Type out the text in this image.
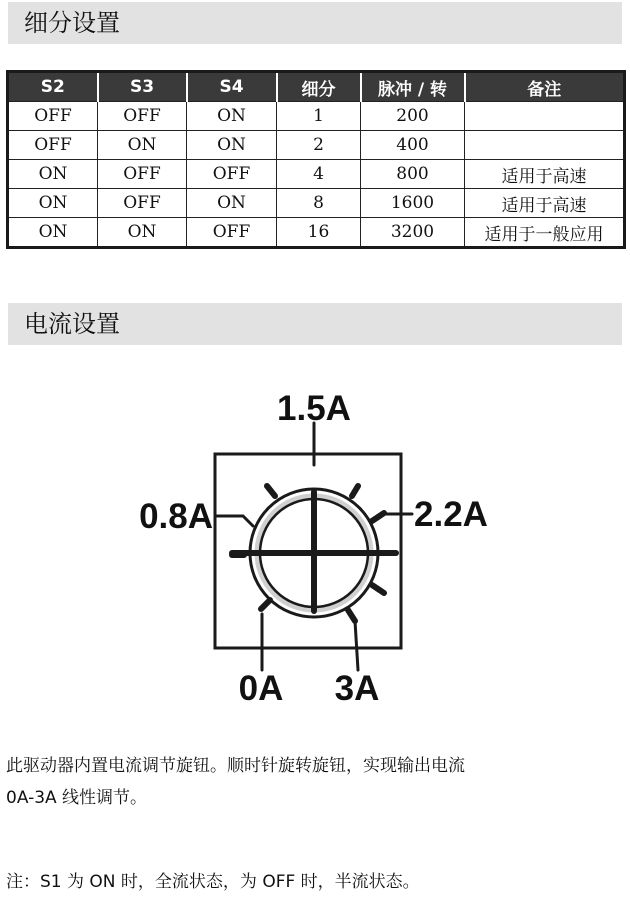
细分设置
S2	S3	S4	细分	脉冲 / 转	备注
OFF	OFF	ON	1	200	
OFF	ON	ON	2	400	
ON	OFF	OFF	4	800	适用于高速
ON	OFF	ON	8	1600	适用于高速
ON	ON	OFF	16	3200	适用于一般应用
电流设置
1.5A
0.8A	2.2A
0A 3A

此驱动器内置电流调节旋钮。顺时针旋转旋钮，实现输出电流

0A-3A 线性调节。

注：S1 为 ON 时，全流状态，为 OFF 时，半流状态。
